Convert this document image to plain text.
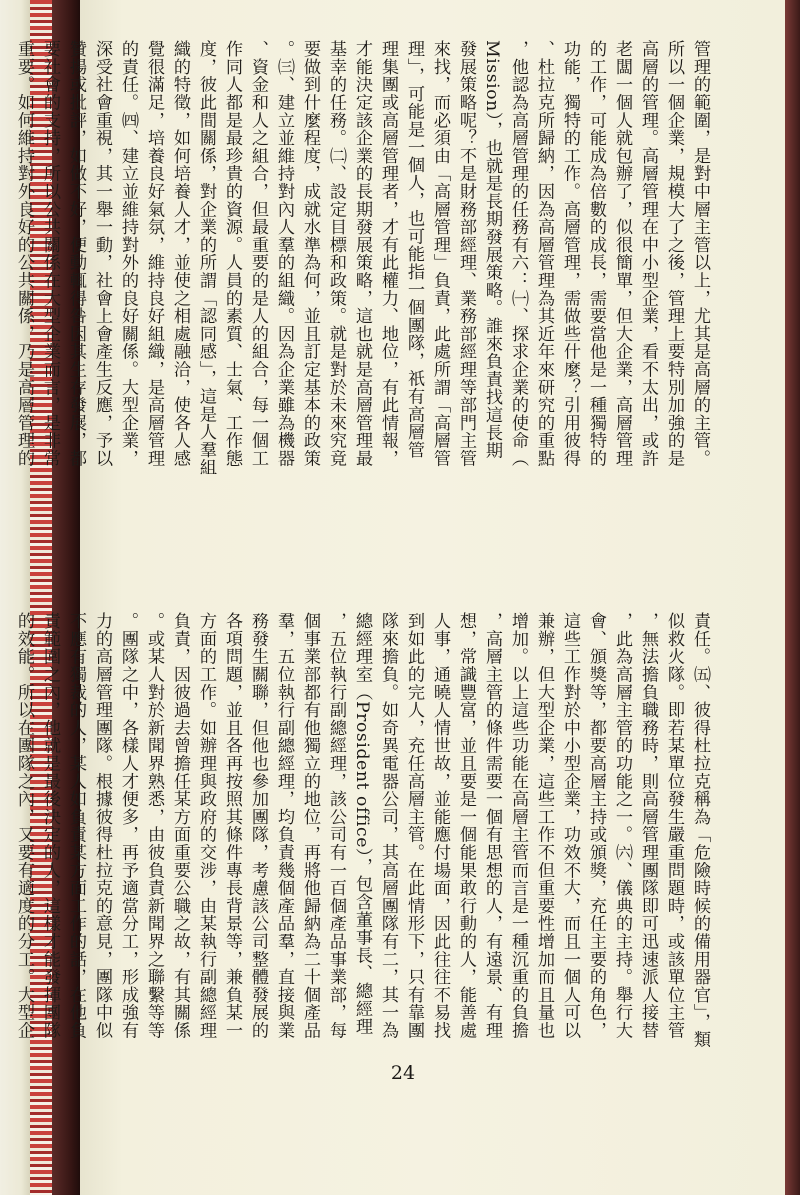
管理的範圍，是對中層主管以上，尤其是高層的主管。
所以一個企業，規模大了之後，管理上要特別加強的是
高層的管理。高層管理在中小型企業，看不太出，或許
老闆一個人就包辦了，似很簡單，但大企業，高層管理
的工作，可能成為倍數的成長，需要當他是一種獨特的
功能，獨特的工作。高層管理，需做些什麼？引用彼得
、杜拉克所歸納，因為高層管理為其近年來研究的重點
，他認為高層管理的任務有六：㈠、探求企業的使命（
Mission），也就是長期發展策略。誰來負責找這長期
發展策略呢？不是財務部經理、業務部經理等部門主管
來找，而必須由「高層管理」負責，此處所謂「高層管
理」，可能是一個人，也可能指一個團隊，祇有高層管
理集團或高層管理者，才有此權力、地位，有此情報，
才能決定該企業的長期發展策略，這也就是高層管理最
基幸的任務。㈡、設定目標和政策。就是對於未來究竟
要做到什麼程度，成就水準為何，並且訂定基本的政策
。㈢、建立並維持對內人羣的組織。因為企業雖為機器
、資金和人之組合，但最重要的是人的組合，每一個工
作同人都是最珍貴的資源。人員的素質、士氣、工作態
度，彼此間關係，對企業的所謂「認同感」，這是人羣組
織的特徵，如何培養人才，並使之相處融洽，使各人感
覺很滿足，培養良好氣氛，維持良好組織，是高層管理
的責任。㈣、建立並維持對外的良好關係。大型企業，
深受社會重視，其一舉一動，社會上會產生反應，予以
贊揚或批評，如做不好，便動輒得咎因其生存發展，都
要社會的支持，所以公共關係在大型企業而言，是非常
重要。如何維持對外良好的公共關係，乃是高層管理的
責任。㈤、彼得杜拉克稱為「危險時候的備用器官」，類
似救火隊。即若某單位發生嚴重問題時，或該單位主管
，無法擔負職務時，則高層管理團隊即可迅速派人接替
，此為高層主管的功能之一。㈥、儀典的主持。舉行大
會、頒獎等，都要高層主持或頒獎，充任主要的角色，
這些工作對於中小型企業，功效不大，而且一個人可以
兼辦，但大型企業，這些工作不但重要性增加而且量也
增加。以上這些功能在高層主管而言是一種沉重的負擔
，高層主管的條件需要一個有思想的人，有遠景、有理
想，常識豐富，並且要是一個能果敢行動的人，能善處
人事，通曉人情世故，並能應付場面，因此往往不易找
到如此的完人，充任高層主管。在此情形下，只有靠團
隊來擔負。如奇異電器公司，其高層團隊有二，其一為
總經理室（Prosident office），包含董事長、總經理
，五位執行副總經理，該公司有一百個產品事業部，每
個事業部都有他獨立的地位，再將他歸納為二十個產品
羣，五位執行副總經理，均負責幾個產品羣，直接與業
務發生關聯，但他也參加團隊，考慮該公司整體發展的
各項問題，並且各再按照其條件專長背景等，兼負某一
方面的工作。如辦理與政府的交涉，由某執行副總經理
負責，因彼過去曾擔任某方面重要公職之故，有其關係
。或某人對於新聞界熟悉，由彼負責新聞界之聯繫等等
。團隊之中，各樣人才便多，再予適當分工，形成強有
力的高層管理團隊。根據彼得杜拉克的意見，團隊中似
不應有獨裁的人，某人如負責某方面工作的話，在他負
責範圍之內，他就是最後決定的人，這樣才能發揮團隊
的效能。所以在團隊之內，又要有適度的分工。大型企
24
